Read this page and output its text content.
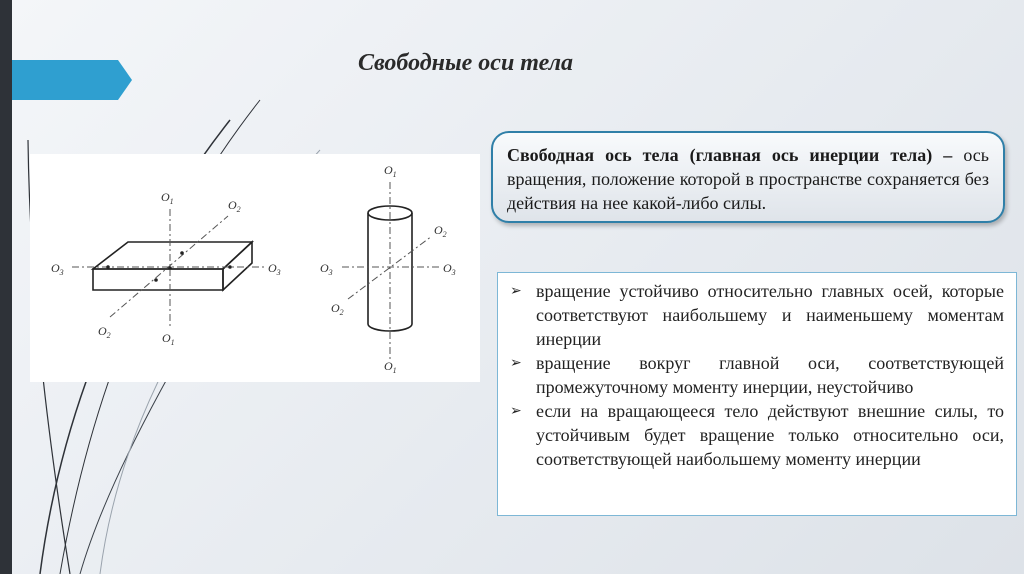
Свободные оси тела
$O_1$	$O_2$
$O_3$	$O_3$
$O_2$	$O_1$
$O_1$
$O_2$
$O_3$	$O_3$
$O_2$
$O_1$
Свободная ось тела (главная ось инерции тела) – ось вращения, положение которой в пространстве сохраняется без действия на нее какой-либо силы.
➢ вращение устойчиво относительно главных осей, которые соответствуют наибольшему и наименьшему моментам инерции
➢ вращение вокруг главной оси, соответствующей промежуточному моменту инерции, неустойчиво
➢ если на вращающееся тело действуют внешние силы, то устойчивым будет вращение только относительно оси, соответствующей наибольшему моменту инерции
